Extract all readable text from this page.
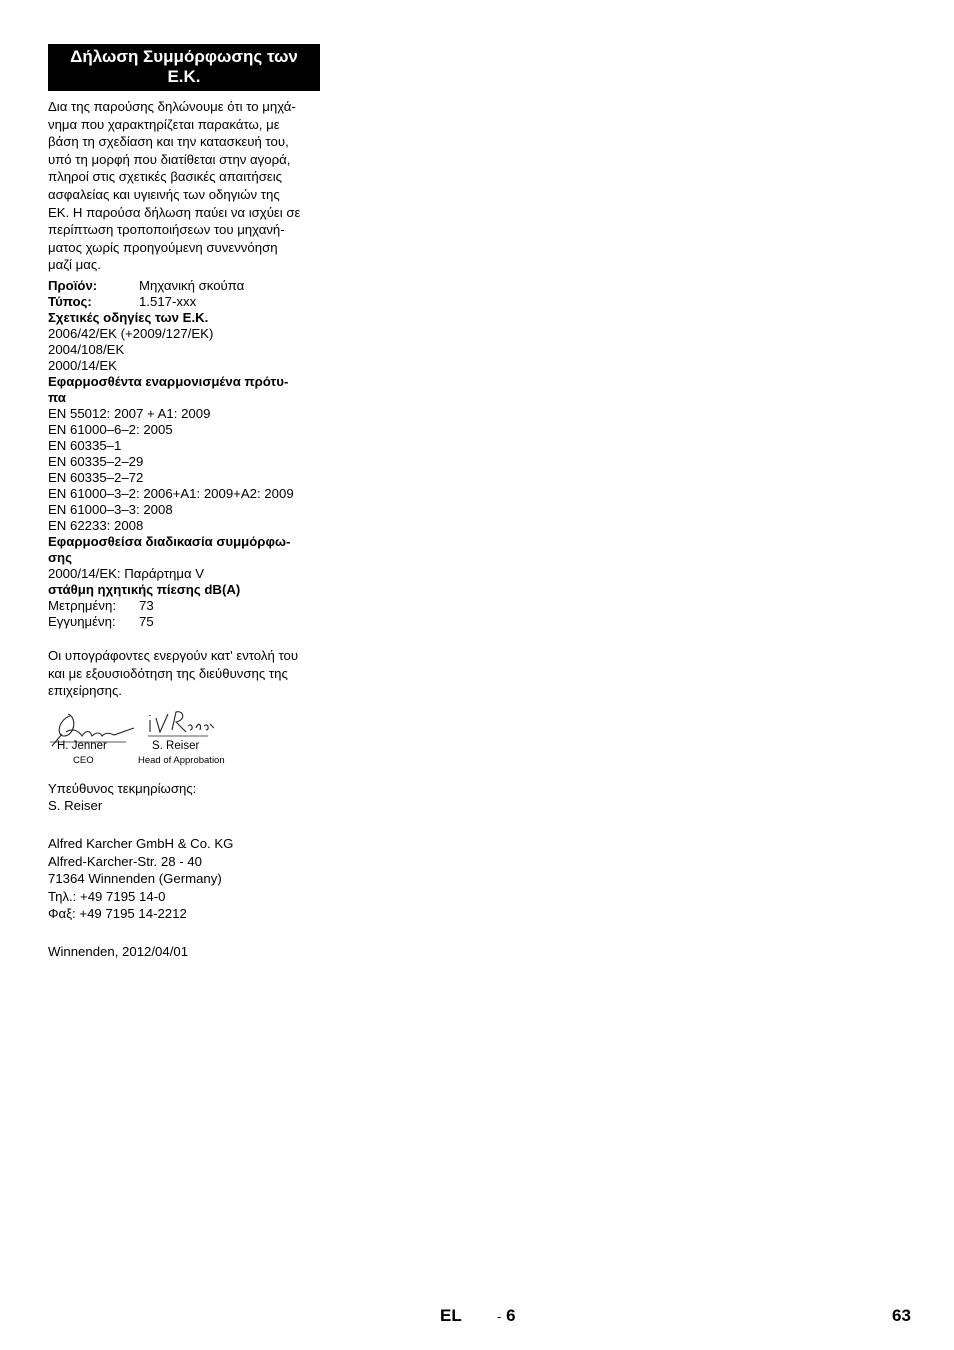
Δήλωση Συμμόρφωσης των Ε.Κ.
Δια της παρούσης δηλώνουμε ότι το μηχά-
νημα που χαρακτηρίζεται παρακάτω, με
βάση τη σχεδίαση και την κατασκευή του,
υπό τη μορφή που διατίθεται στην αγορά,
πληροί στις σχετικές βασικές απαιτήσεις
ασφαλείας και υγιεινής των οδηγιών της
ΕΚ. Η παρούσα δήλωση παύει να ισχύει σε
περίπτωση τροποποιήσεων του μηχανή-
ματος χωρίς προηγούμενη συνεννόηση
μαζί μας.
Προϊόν:	Μηχανική σκούπα
Τύπος:	1.517-xxx
Σχετικές οδηγίες των Ε.Κ.
2006/42/ΕΚ (+2009/127/ΕΚ)
2004/108/ΕΚ
2000/14/ΕΚ
Εφαρμοσθέντα εναρμονισμένα πρότυ-
πα
EN 55012: 2007 + A1: 2009
EN 61000–6–2: 2005
EN 60335–1
EN 60335–2–29
EN 60335–2–72
EN 61000–3–2: 2006+A1: 2009+A2: 2009
EN 61000–3–3: 2008
EN 62233: 2008
Εφαρμοσθείσα διαδικασία συμμόρφω-
σης
2000/14/ΕΚ: Παράρτημα V
στάθμη ηχητικής πίεσης dB(A)
Μετρημένη:	73
Εγγυημένη:	75
Οι υπογράφοντες ενεργούν κατ' εντολή του
και με εξουσιοδότηση της διεύθυνσης της
επιχείρησης.
H. Jenner
CEO
S. Reiser
Head of Approbation
Υπεύθυνος τεκμηρίωσης:
S. Reiser
Alfred Karcher GmbH & Co. KG
Alfred-Karcher-Str. 28 - 40
71364 Winnenden (Germany)
Τηλ.: +49 7195 14-0
Φαξ: +49 7195 14-2212
Winnenden, 2012/04/01
EL	- 6	63
